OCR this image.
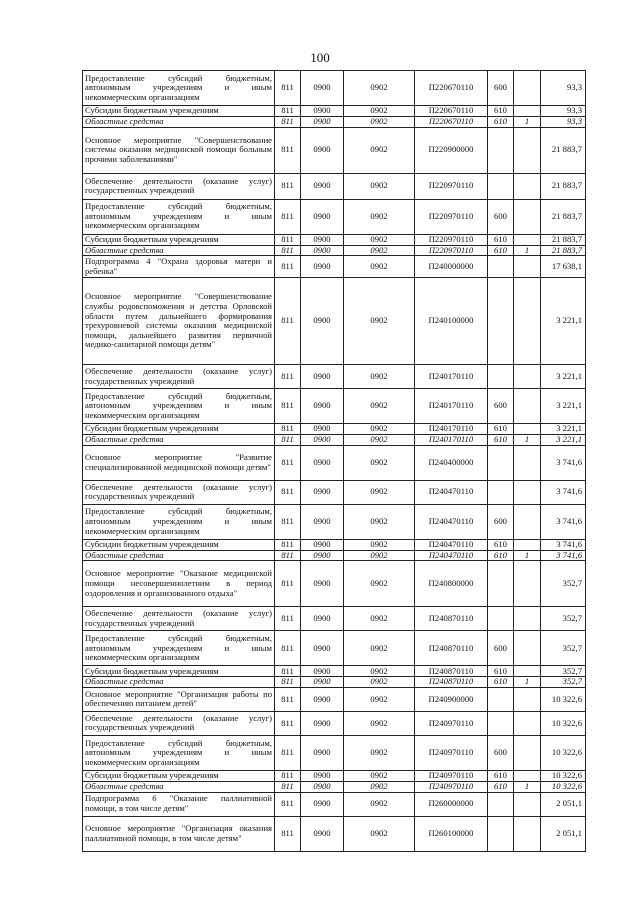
100
Предоставление субсидий бюджетным, автономным учреждениям и иным некоммерческим организациям	811	0900	0902	П220670110	600		93,3
Субсидии бюджетным учреждениям	811	0900	0902	П220670110	610		93,3
Областные средства	811	0900	0902	П220670110	610	1	93,3
Основное мероприятие "Совершенствование системы оказания медицинской помощи больным прочими заболеваниями"	811	0900	0902	П220900000			21 883,7
Обеспечение деятельности (оказание услуг) государственных учреждений	811	0900	0902	П220970110			21 883,7
Предоставление субсидий бюджетным, автономным учреждениям и иным некоммерческим организациям	811	0900	0902	П220970110	600		21 883,7
Субсидии бюджетным учреждениям	811	0900	0902	П220970110	610		21 883,7
Областные средства	811	0900	0902	П220970110	610	1	21 883,7
Подпрограмма 4 "Охрана здоровья матери и ребенка"	811	0900	0902	П240000000			17 638,1
Основное мероприятие "Совершенствование службы родовспоможения и детства Орловской области путем дальнейшего формирования трехуровневой системы оказания медицинской помощи, дальнейшего развития первичной медико-санитарной помощи детям"	811	0900	0902	П240100000			3 221,1
Обеспечение деятельности (оказание услуг) государственных учреждений	811	0900	0902	П240170110			3 221,1
Предоставление субсидий бюджетным, автономным учреждениям и иным некоммерческим организациям	811	0900	0902	П240170110	600		3 221,1
Субсидии бюджетным учреждениям	811	0900	0902	П240170110	610		3 221,1
Областные средства	811	0900	0902	П240170110	610	1	3 221,1
Основное мероприятие "Развитие специализированной медицинской помощи детям"	811	0900	0902	П240400000			3 741,6
Обеспечение деятельности (оказание услуг) государственных учреждений	811	0900	0902	П240470110			3 741,6
Предоставление субсидий бюджетным, автономным учреждениям и иным некоммерческим организациям	811	0900	0902	П240470110	600		3 741,6
Субсидии бюджетным учреждениям	811	0900	0902	П240470110	610		3 741,6
Областные средства	811	0900	0902	П240470110	610	1	3 741,6
Основное мероприятие "Оказание медицинской помощи несовершеннолетним в период оздоровления и организованного отдыха"	811	0900	0902	П240800000			352,7
Обеспечение деятельности (оказание услуг) государственных учреждений	811	0900	0902	П240870110			352,7
Предоставление субсидий бюджетным, автономным учреждениям и иным некоммерческим организациям	811	0900	0902	П240870110	600		352,7
Субсидии бюджетным учреждениям	811	0900	0902	П240870110	610		352,7
Областные средства	811	0900	0902	П240870110	610	1	352,7
Основное мероприятие "Организация работы по обеспечению питанием детей"	811	0900	0902	П240900000			10 322,6
Обеспечение деятельности (оказание услуг) государственных учреждений	811	0900	0902	П240970110			10 322,6
Предоставление субсидий бюджетным, автономным учреждениям и иным некоммерческим организациям	811	0900	0902	П240970110	600		10 322,6
Субсидии бюджетным учреждениям	811	0900	0902	П240970110	610		10 322,6
Областные средства	811	0900	0902	П240970110	610	1	10 322,6
Подпрограмма 6 "Оказание паллиативной помощи, в том числе детям"	811	0900	0902	П260000000			2 051,1
Основное мероприятие "Организация оказания паллиативной помощи, в том числе детям"	811	0900	0902	П260100000			2 051,1
